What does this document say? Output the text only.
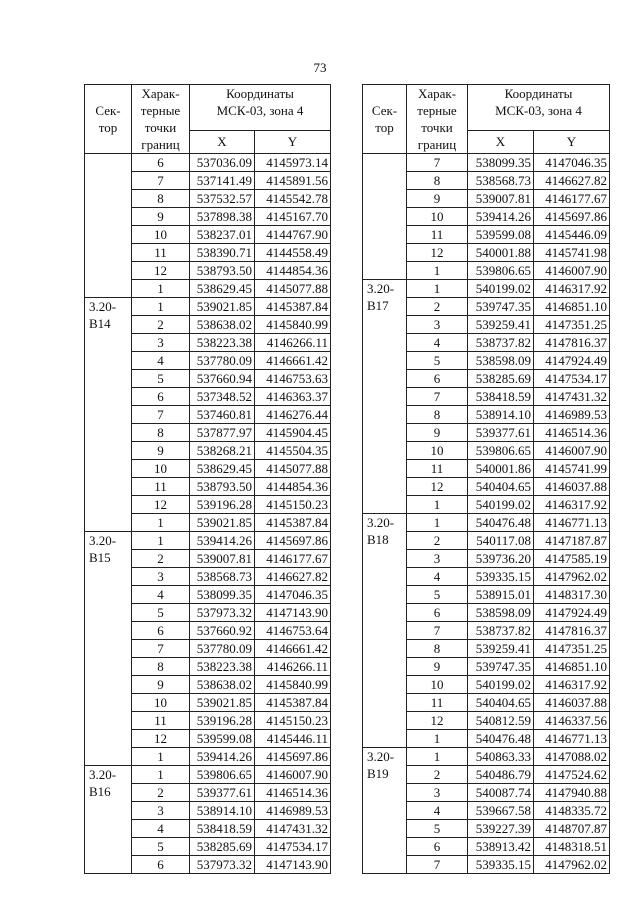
73
Сек-
тор	Харак-
терные
точки
границ	Координаты
МСК-03, зона 4	
		X	Y
	6	537036.09	4145973.14
	7	537141.49	4145891.56
	8	537532.57	4145542.78
	9	537898.38	4145167.70
	10	538237.01	4144767.90
	11	538390.71	4144558.49
	12	538793.50	4144854.36
	1	538629.45	4145077.88
3.20-
B14	1	539021.85	4145387.84
	2	538638.02	4145840.99
	3	538223.38	4146266.11
	4	537780.09	4146661.42
	5	537660.94	4146753.63
	6	537348.52	4146363.37
	7	537460.81	4146276.44
	8	537877.97	4145904.45
	9	538268.21	4145504.35
	10	538629.45	4145077.88
	11	538793.50	4144854.36
	12	539196.28	4145150.23
	1	539021.85	4145387.84
3.20-
B15	1	539414.26	4145697.86
	2	539007.81	4146177.67
	3	538568.73	4146627.82
	4	538099.35	4147046.35
	5	537973.32	4147143.90
	6	537660.92	4146753.64
	7	537780.09	4146661.42
	8	538223.38	4146266.11
	9	538638.02	4145840.99
	10	539021.85	4145387.84
	11	539196.28	4145150.23
	12	539599.08	4145446.11
	1	539414.26	4145697.86
3.20-
B16	1	539806.65	4146007.90
	2	539377.61	4146514.36
	3	538914.10	4146989.53
	4	538418.59	4147431.32
	5	538285.69	4147534.17
	6	537973.32	4147143.90
Сек-
тор	Харак-
терные
точки
границ	Координаты
МСК-03, зона 4	
		X	Y
	7	538099.35	4147046.35
	8	538568.73	4146627.82
	9	539007.81	4146177.67
	10	539414.26	4145697.86
	11	539599.08	4145446.09
	12	540001.88	4145741.98
	1	539806.65	4146007.90
3.20-
B17	1	540199.02	4146317.92
	2	539747.35	4146851.10
	3	539259.41	4147351.25
	4	538737.82	4147816.37
	5	538598.09	4147924.49
	6	538285.69	4147534.17
	7	538418.59	4147431.32
	8	538914.10	4146989.53
	9	539377.61	4146514.36
	10	539806.65	4146007.90
	11	540001.86	4145741.99
	12	540404.65	4146037.88
	1	540199.02	4146317.92
3.20-
B18	1	540476.48	4146771.13
	2	540117.08	4147187.87
	3	539736.20	4147585.19
	4	539335.15	4147962.02
	5	538915.01	4148317.30
	6	538598.09	4147924.49
	7	538737.82	4147816.37
	8	539259.41	4147351.25
	9	539747.35	4146851.10
	10	540199.02	4146317.92
	11	540404.65	4146037.88
	12	540812.59	4146337.56
	1	540476.48	4146771.13
3.20-
B19	1	540863.33	4147088.02
	2	540486.79	4147524.62
	3	540087.74	4147940.88
	4	539667.58	4148335.72
	5	539227.39	4148707.87
	6	538913.42	4148318.51
	7	539335.15	4147962.02
